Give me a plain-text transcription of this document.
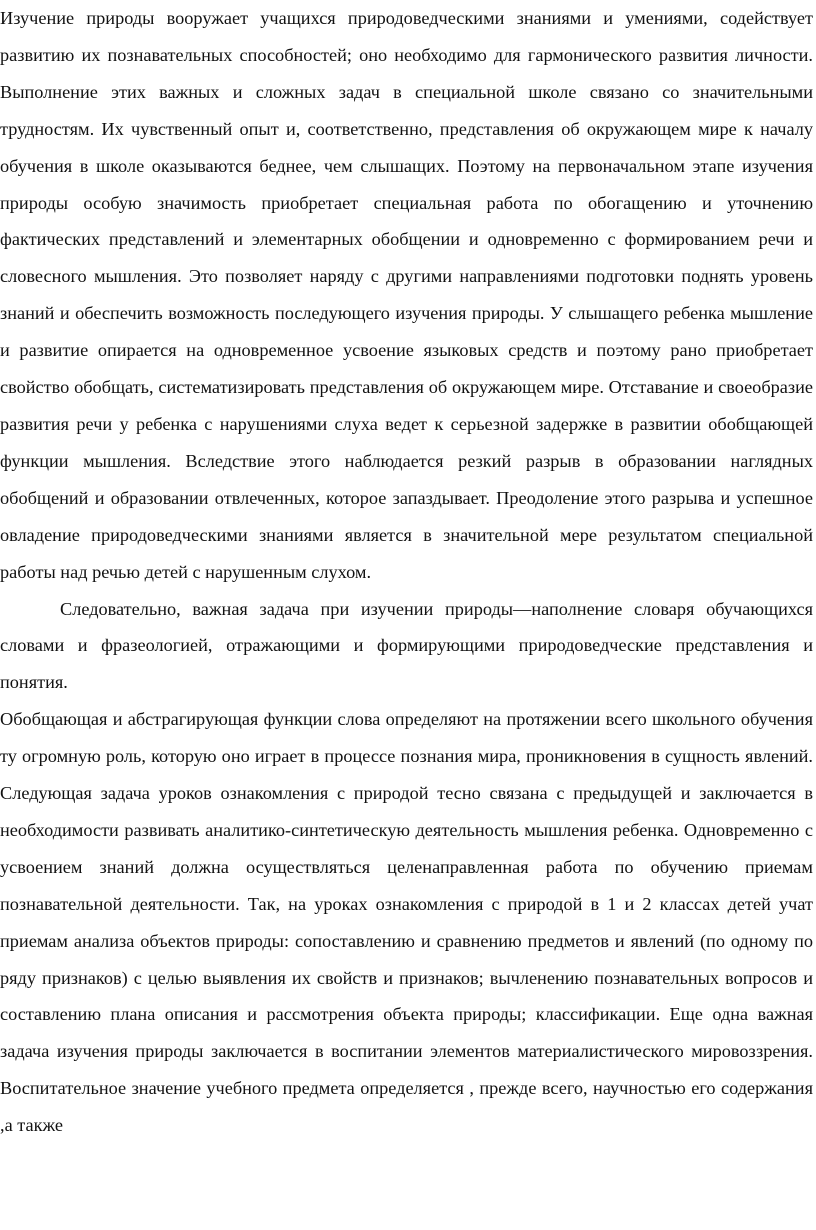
Изучение природы вооружает учащихся природоведческими знаниями и умениями, содействует развитию их познавательных способностей; оно необходимо для гармонического развития личности. Выполнение этих важных и сложных задач в специальной школе связано со значительными трудностям. Их чувственный опыт и, соответственно, представления об окружающем мире к началу обучения в школе оказываются беднее, чем слышащих. Поэтому на первоначальном этапе изучения природы особую значимость приобретает специальная работа по обогащению и уточнению фактических представлений и элементарных обобщении и одновременно с формированием речи и словесного мышления. Это позволяет наряду с другими направлениями подготовки поднять уровень знаний и обеспечить возможность последующего изучения природы. У слышащего ребенка мышление и развитие опирается на одновременное усвоение языковых средств и поэтому рано приобретает свойство обобщать, систематизировать представления об окружающем мире. Отставание и своеобразие развития речи у ребенка с нарушениями слуха ведет к серьезной задержке в развитии обобщающей функции мышления. Вследствие этого наблюдается резкий разрыв в образовании наглядных обобщений и образовании отвлеченных, которое запаздывает. Преодоление этого разрыва и успешное овладение природоведческими знаниями является в значительной мере результатом специальной работы над речью детей с нарушенным слухом.

Следовательно, важная задача при изучении природы—наполнение словаря обучающихся словами и фразеологией, отражающими и формирующими природоведческие представления и понятия.

Обобщающая и абстрагирующая функции слова определяют на протяжении всего школьного обучения ту огромную роль, которую оно играет в процессе познания мира, проникновения в сущность явлений. Следующая задача уроков ознакомления с природой тесно связана с предыдущей и заключается в необходимости развивать аналитико-синтетическую деятельность мышления ребенка. Одновременно с усвоением знаний должна осуществляться целенаправленная работа по обучению приемам познавательной деятельности. Так, на уроках ознакомления с природой в 1 и 2 классах детей учат приемам анализа объектов природы: сопоставлению и сравнению предметов и явлений (по одному по ряду признаков) с целью выявления их свойств и признаков; вычленению познавательных вопросов и составлению плана описания и рассмотрения объекта природы; классификации. Еще одна важная задача изучения природы заключается в воспитании элементов материалистического мировоззрения. Воспитательное значение учебного предмета определяется , прежде всего, научностью его содержания ,а также
